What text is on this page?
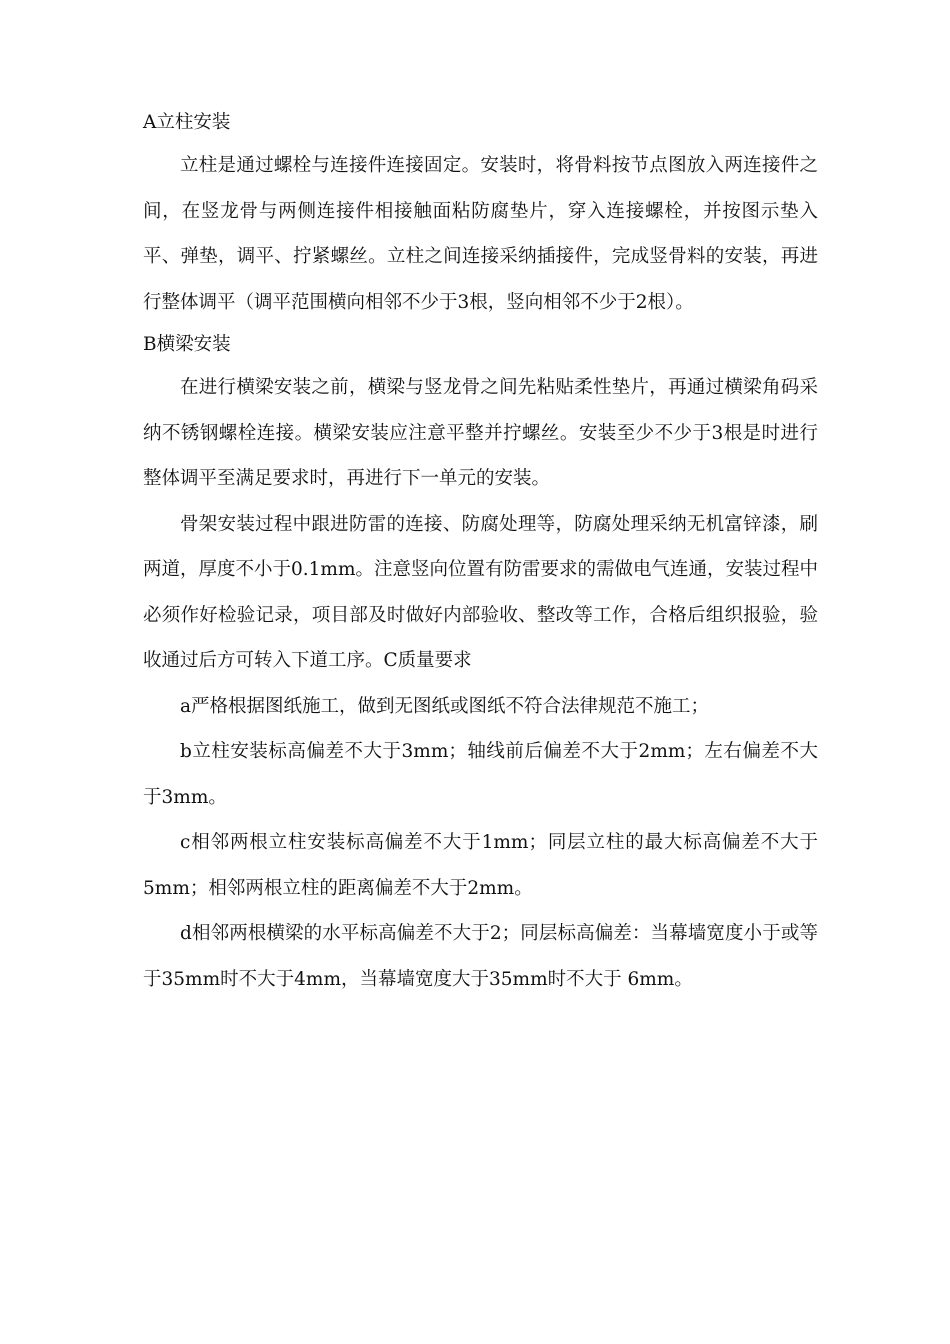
A立柱安装

立柱是通过螺栓与连接件连接固定。安装时，将骨料按节点图放入两连接件之间，在竖龙骨与两侧连接件相接触面粘防腐垫片，穿入连接螺栓，并按图示垫入平、弹垫，调平、拧紧螺丝。立柱之间连接采纳插接件，完成竖骨料的安装，再进行整体调平（调平范围横向相邻不少于3根，竖向相邻不少于2根）。

B横梁安装

在进行横梁安装之前，横梁与竖龙骨之间先粘贴柔性垫片，再通过横梁角码采纳不锈钢螺栓连接。横梁安装应注意平整并拧螺丝。安装至少不少于3根是时进行整体调平至满足要求时，再进行下一单元的安装。

骨架安装过程中跟进防雷的连接、防腐处理等，防腐处理采纳无机富锌漆，刷两道，厚度不小于0.1mm。注意竖向位置有防雷要求的需做电气连通，安装过程中必须作好检验记录，项目部及时做好内部验收、整改等工作，合格后组织报验，验收通过后方可转入下道工序。C质量要求

a严格根据图纸施工，做到无图纸或图纸不符合法律规范不施工；

b立柱安装标高偏差不大于3mm；轴线前后偏差不大于2mm；左右偏差不大于3mm。

c相邻两根立柱安装标高偏差不大于1mm；同层立柱的最大标高偏差不大于5mm；相邻两根立柱的距离偏差不大于2mm。

d相邻两根横梁的水平标高偏差不大于2；同层标高偏差：当幕墙宽度小于或等于35mm时不大于4mm，当幕墙宽度大于35mm时不大于 6mm。
